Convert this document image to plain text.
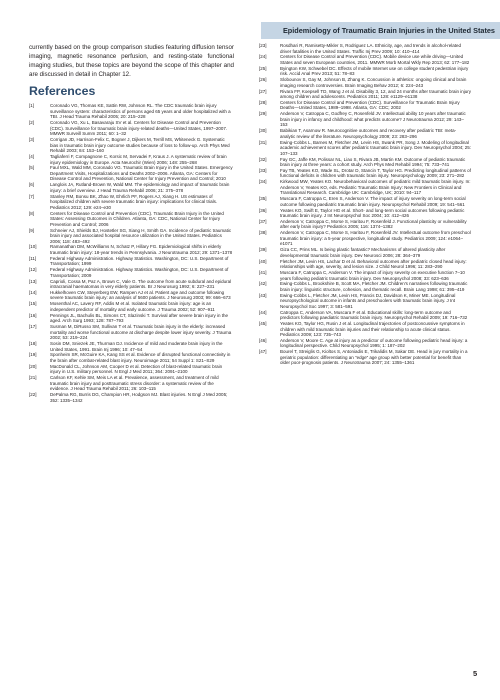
Epidemiology of Traumatic Brain Injuries in the United States

currently based on the group comparison studies featuring diffusion tensor imaging, magnetic resonance perfusion, and resting-state functional imaging studies, but these topics are beyond the scope of this chapter and are discussed in detail in Chapter 12.

References
[1]	Coronado VG, Thomas KE, Sattin RW, Johnson RL. The CDC traumatic brain injury surveillance system: characteristics of persons aged 65 years and older hospitalized with a TBI. J Head Trauma Rehabil 2005; 20: 215–228
[2]	Coronado VG, Xu L, Basavaraju SV et al. Centers for Disease Control and Prevention (CDC). Surveillance for traumatic brain injury-related deaths—United States, 1997–2007. MMWR Surveill Summ 2011; 60: 1–32
[3]	Corrigan JD, Harrison-Felix C, Bogner J, Dijkers M, Terrill MS, Whiteneck G. Systematic bias in traumatic brain injury outcome studies because of loss to follow-up. Arch Phys Med Rehabil 2003; 84: 153–160
[4]	Tagliaferri F, Compagnone C, Korsic M, Servadei F, Kraus J. A systematic review of brain injury epidemiology in Europe. Acta Neurochir (Wien) 2006; 148: 255–268
[5]	Faul MXL, Wald MM, Coronado VG. Traumatic Brain Injury in the United States. Emergency Department Visits, Hospitalizations and Deaths 2002–2006. Atlanta, GA: Centers for Disease Control and Prevention, National Center for Injury Prevention and Control; 2010
[6]	Langlois JA, Rutland-Brown W, Wald MM. The epidemiology and impact of traumatic brain injury: a brief overview. J Head Trauma Rehabil 2006; 21: 375–378
[7]	Stanley RM, Bonsu BK, Zhao W, Ehrlich PF, Rogers AJ, Xiang H. US estimates of hospitalized children with severe traumatic brain injury: implications for clinical trials. Pediatrics 2012; 129: e24–e30
[8]	Centers for Disease Control and Prevention (CDC). Traumatic Brain Injury in the United States: Assessing Outcomes in Children. Atlanta, GA: CDC, National Center for Injury Prevention and Control; 2006
[9]	Schneier AJ, Shields BJ, Hostetler SG, Xiang H, Smith GA. Incidence of pediatric traumatic brain injury and associated hospital resource utilization in the United States. Pediatrics 2006; 118: 483–492
[10]	Ramanathan DM, McWilliams N, Schatz P, Hillary FG. Epidemiological shifts in elderly traumatic brain injury: 18-year trends in Pennsylvania. J Neurotrauma 2012; 29: 1371–1378
[11]	Federal Highway Administration. Highway Statistics. Washington, DC: U.S. Department of Transportation; 1999
[12]	Federal Highway Administration. Highway Statistics. Washington, DC: U.S. Department of Transportation; 2009
[13]	Caprioli, Cossa M, Paz A, Brown C, Vale G. The outcome from acute subdural and epidural intracranial haematomas in very elderly patients. Br J Neurosurg 1992; 6: 227–231
[14]	Hukkelhoven CW, Steyerberg EW, Rampen AJ et al. Patient age and outcome following severe traumatic brain injury: an analysis of 5600 patients. J Neurosurg 2003; 99: 666–673
[15]	Mosenthal AC, Lavery RF, Addis M et al. Isolated traumatic brain injury: age is an independent predictor of mortality and early outcome. J Trauma 2002; 52: 907–911
[16]	Pennings JL, Bachulis BL, Simons CT, Slazinski T. Survival after severe brain injury in the aged. Arch Surg 1993; 128: 787–793
[17]	Susman M, DiRusso SM, Sullivan T et al. Traumatic brain injury in the elderly: increased mortality and worse functional outcome at discharge despite lower injury severity. J Trauma 2002; 53: 219–224
[18]	Sosin DM, Sniezek JE, Thurman DJ. Incidence of mild and moderate brain injury in the United States, 1991. Brain Inj 1996; 10: 47–54
[19]	Sponheim SR, McGuire KA, Kang SS et al. Evidence of disrupted functional connectivity in the brain after combat-related blast injury. Neuroimage 2011; 54 Suppl 1: S21–S29
[20]	MacDonald CL, Johnson AM, Cooper D et al. Detection of blast-related traumatic brain injury in U.S. military personnel. N Engl J Med 2011; 364: 2091–2100
[21]	Carlson KF, Kehle SM, Meis LA et al. Prevalence, assessment, and treatment of mild traumatic brain injury and posttraumatic stress disorder: a systematic review of the evidence. J Head Trauma Rehabil 2011; 26: 103–115
[22]	DePalma RG, Burris DG, Champion HR, Hodgson MJ. Blast injuries. N Engl J Med 2005; 352: 1335–1342
[23]	Rosdhari R, Ramisetty-Mikler S, Rodriguez LA. Ethnicity, age, and trends in alcohol-related driver fatalities in the United States. Traffic Inj Prev 2009; 10: 410–414
[24]	Centers for Disease Control and Prevention (CDC). Mobile device use while driving—United States and seven European countries, 2011. MMWR Morb Mortal Wkly Rep 2013; 62: 177–182
[25]	Byington KW, Schwebel DC. Effects of mobile Internet use on college student pedestrian injury risk. Accid Anal Prev 2013; 51: 78–83
[26]	Slobounov S, Gay M, Johnson B, Zhang K. Concussion in athletics: ongoing clinical and brain imaging research controversies. Brain Imaging Behav 2012; 6: 224–243
[27]	Rivara FP, Koepsell TD, Wang J et al. Disability 3, 12, and 24 months after traumatic brain injury among children and adolescents. Pediatrics 2011; 128: e1129–e1138
[28]	Centers for Disease Control and Prevention (CDC). Surveillance for Traumatic Brain Injury Deaths—United States, 1989–1998. Atlanta, GA: CDC; 2002
[29]	Anderson V, Catroppa C, Godfrey C, Rosenfeld JV. Intellectual ability 10 years after traumatic brain injury in infancy and childhood: what predicts outcome? J Neurotrauma 2012; 29: 143–153
[30]	Babikian T, Asarnow R. Neurocognitive outcomes and recovery after pediatric TBI: meta-analytic review of the literature. Neuropsychology 2009; 23: 283–296
[31]	Ewing-Cobbs L, Barnes M, Fletcher JM, Levin HS, Swank PR, Song J. Modeling of longitudinal academic achievement scores after pediatric traumatic brain injury. Dev Neuropsychol 2004; 25: 107–133
[32]	Fay GC, Jaffe KM, Polissar NL, Liao S, Rivara JB, Martin KM. Outcome of pediatric traumatic brain injury at three years: a cohort study. Arch Phys Med Rehabil 1994; 75: 733–741
[33]	Fay TB, Yeates KO, Wade SL, Drotar D, Stancin T, Taylor HG. Predicting longitudinal patterns of functional deficits in children with traumatic brain injury. Neuropsychology 2009; 23: 271–282
[34]	Kirkwood MW, Yeates KO. Neurobehavioral outcomes of pediatric mild traumatic brain injury. In: Anderson V, Yeates KO, eds. Pediatric Traumatic Brain Injury: New Frontiers in Clinical and Translational Research. Cambridge UK: Cambridge, UK; 2010: 94–117
[35]	Muscara F, Catroppa C, Eren S, Anderson V. The impact of injury severity on long-term social outcome following paediatric traumatic brain injury. Neuropsychol Rehabil 2009; 19: 541–561
[36]	Yeates KO, Swift E, Taylor HG et al. Short- and long-term social outcomes following pediatric traumatic brain injury. J Int Neuropsychol Soc 2004; 10: 412–426
[37]	Anderson V, Catroppa C, Morse S, Haritou F, Rosenfeld J. Functional plasticity or vulnerability after early brain injury? Pediatrics 2005; 116: 1374–1382
[38]	Anderson V, Catroppa C, Morse S, Haritou F, Rosenfeld JV. Intellectual outcome from preschool traumatic brain injury: a 5-year prospective, longitudinal study. Pediatrics 2009; 124: e1064–e1071
[39]	Giza CC, Prins ML. Is being plastic fantastic? Mechanisms of altered plasticity after developmental traumatic brain injury. Dev Neurosci 2006; 28: 364–379
[40]	Fletcher JM, Levin HS, Lachar D et al. Behavioral outcomes after pediatric closed head injury: relationships with age, severity, and lesion size. J Child Neurol 1996; 11: 283–290
[41]	Muscara F, Catroppa C, Anderson V. The impact of injury severity on executive function 7–10 years following pediatric traumatic brain injury. Dev Neuropsychol 2008; 33: 623–636
[42]	Ewing-Cobbs L, Brookshire B, Scott MA, Fletcher JM. Children's narratives following traumatic brain injury: linguistic structure, cohesion, and thematic recall. Brain Lang 1998; 61: 395–419
[43]	Ewing-Cobbs L, Fletcher JM, Levin HS, Francis DJ, Davidson K, Miner ME. Longitudinal neuropsychological outcome in infants and preschoolers with traumatic brain injury. J Int Neuropsychol Soc 1997; 3: 581–591
[44]	Catroppa C, Anderson VA, Muscara F et al. Educational skills: long-term outcome and predictors following paediatric traumatic brain injury. Neuropsychol Rehabil 2009; 19: 716–732
[45]	Yeates KO, Taylor HG, Rusin J et al. Longitudinal trajectories of postconcussive symptoms in children with mild traumatic brain injuries and their relationship to acute clinical status. Pediatrics 2009; 123: 735–743
[46]	Anderson V, Moore C. Age at injury as a predictor of outcome following pediatric head injury: a longitudinal perspective. Child Neuropsychol 1995; 1: 187–202
[47]	Bourel T, Streiglis G, Kioltos S, Antoniadis E, Trikalidis M, Sakar DE. Head in jury mortality in a geriatric population: differentiating an "edge" age group with better potential for benefit than older poor-prognosis patients. J Neurotrauma 2007; 24: 1355–1361
5
